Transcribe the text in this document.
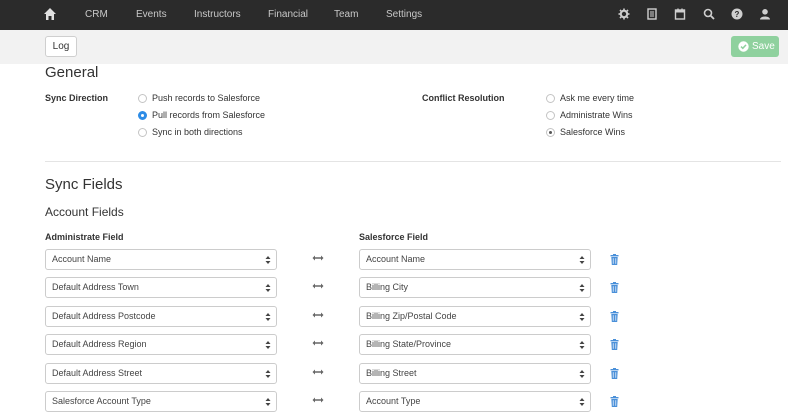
CRM	Events	Instructors	Financial	Team	Settings	?
Log	Save
General
Sync Direction	Push records to Salesforce
Pull records from Salesforce
Sync in both directions
Conflict Resolution	Ask me every time
Administrate Wins
Salesforce Wins
Sync Fields
Account Fields
Administrate Field	Salesforce Field
Account Name	Account Name
Default Address Town	Billing City
Default Address Postcode	Billing Zip/Postal Code
Default Address Region	Billing State/Province
Default Address Street	Billing Street
Salesforce Account Type	Account Type
